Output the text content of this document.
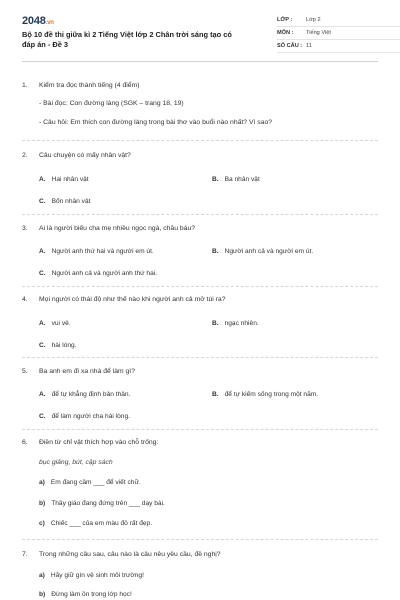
2048.vn
Bộ 10 đề thi giữa kì 2 Tiếng Việt lớp 2 Chân trời sáng tạo có đáp án - Đề 3
LỚP : Lớp 2
MÔN : Tiếng Việt
SỐ CÂU : 11
1. Kiểm tra đọc thành tiếng (4 điểm)
- Bài đọc: Con đường làng (SGK – trang 18, 19)
- Câu hỏi: Em thích con đường làng trong bài thơ vào buổi nào nhất? Vì sao?
2. Câu chuyện có mấy nhân vật?
A. Hai nhân vật	B. Ba nhân vật
C. Bốn nhân vật
3. Ai là người biếu cha mẹ nhiều ngọc ngà, châu báu?
A. Người anh thứ hai và người em út.	B. Người anh cả và người em út.
C. Người anh cả và người anh thứ hai.
4. Mọi người có thái độ như thế nào khi người anh cả mở túi ra?
A. vui vẻ.	B. ngạc nhiên.
C. hài lòng.
5. Ba anh em đi xa nhà để làm gì?
A. để tự khẳng định bản thân.	B. để tự kiếm sống trong một năm.
C. để làm người cha hài lòng.
6. Điền từ chỉ vật thích hợp vào chỗ trống:
bục giảng, bút, cặp sách
a) Em đang cầm ___ để viết chữ.
b) Thầy giáo đang đứng trên ___ dạy bài.
c) Chiếc ___ của em màu đỏ rất đẹp.
7. Trong những câu sau, câu nào là câu nêu yêu cầu, đề nghị?
a) Hãy giữ gìn vệ sinh môi trường!
b) Đừng làm ồn trong lớp học!
